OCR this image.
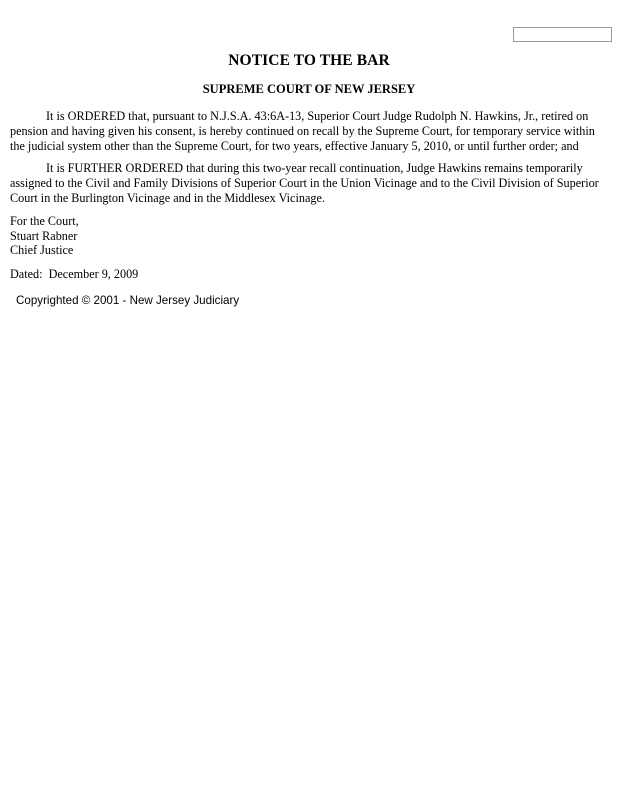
NOTICE TO THE BAR
SUPREME COURT OF NEW JERSEY

It is ORDERED that, pursuant to N.J.S.A. 43:6A-13, Superior Court Judge Rudolph N. Hawkins, Jr., retired on pension and having given his consent, is hereby continued on recall by the Supreme Court, for temporary service within the judicial system other than the Supreme Court, for two years, effective January 5, 2010, or until further order; and

It is FURTHER ORDERED that during this two-year recall continuation, Judge Hawkins remains temporarily assigned to the Civil and Family Divisions of Superior Court in the Union Vicinage and to the Civil Division of Superior Court in the Burlington Vicinage and in the Middlesex Vicinage.

For the Court,
Stuart Rabner
Chief Justice
Dated: December 9, 2009
Copyrighted © 2001 - New Jersey Judiciary
